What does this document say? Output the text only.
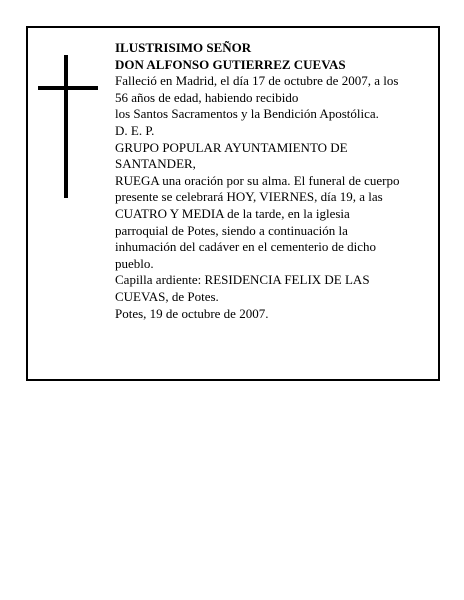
ILUSTRISIMO SEÑOR
DON ALFONSO GUTIERREZ CUEVAS
Falleció en Madrid, el día 17 de octubre de 2007, a los
56 años de edad, habiendo recibido
los Santos Sacramentos y la Bendición Apostólica.
D. E. P.
GRUPO POPULAR AYUNTAMIENTO DE
SANTANDER,
RUEGA una oración por su alma. El funeral de cuerpo
presente se celebrará HOY, VIERNES, día 19, a las
CUATRO Y MEDIA de la tarde, en la iglesia
parroquial de Potes, siendo a continuación la
inhumación del cadáver en el cementerio de dicho
pueblo.
Capilla ardiente: RESIDENCIA FELIX DE LAS
CUEVAS, de Potes.
Potes, 19 de octubre de 2007.
